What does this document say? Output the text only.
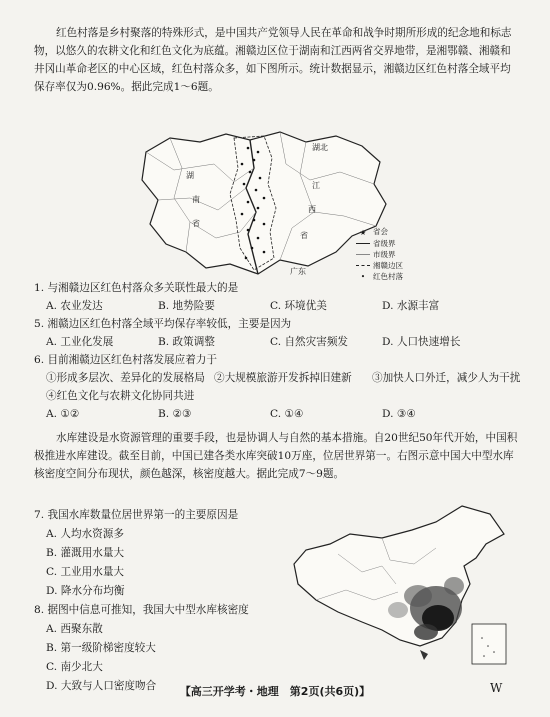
红色村落是乡村聚落的特殊形式，是中国共产党领导人民在革命和战争时期所形成的纪念地和标志物，以悠久的农耕文化和红色文化为底蕴。湘赣边区位于湖南和江西两省交界地带，是湘鄂赣、湘赣和井冈山革命老区的中心区域，红色村落众多，如下图所示。统计数据显示，湘赣边区红色村落全域平均保存率仅为0.96%。据此完成1～6题。
湖
南
省
江
西
省
湖北
广东
★ 省会
省级界
市级界
湘赣边区
• 红色村落
1. 与湘赣边区红色村落众多关联性最大的是
A. 农业发达	B. 地势险要	C. 环境优美	D. 水源丰富
5. 湘赣边区红色村落全域平均保存率较低，主要是因为
A. 工业化发展	B. 政策调整	C. 自然灾害频发	D. 人口快速增长
6. 目前湘赣边区红色村落发展应着力于
①形成多层次、差异化的发展格局 ②大规模旅游开发拆掉旧建新 ③加快人口外迁，减少人为干扰
④红色文化与农耕文化协同共进
A. ①②	B. ②③	C. ①④	D. ③④
水库建设是水资源管理的重要手段，也是协调人与自然的基本措施。自20世纪50年代开始，中国积极推进水库建设。截至目前，中国已建各类水库突破10万座，位居世界第一。右图示意中国大中型水库核密度空间分布现状，颜色越深，核密度越大。据此完成7～9题。
7. 我国水库数量位居世界第一的主要原因是
A. 人均水资源多
B. 灌溉用水量大
C. 工业用水量大
D. 降水分布均衡
8. 据图中信息可推知，我国大中型水库核密度
A. 西聚东散
B. 第一级阶梯密度较大
C. 南少北大
D. 大致与人口密度吻合	【高三开学考・地理　第2页(共6页)】	W
